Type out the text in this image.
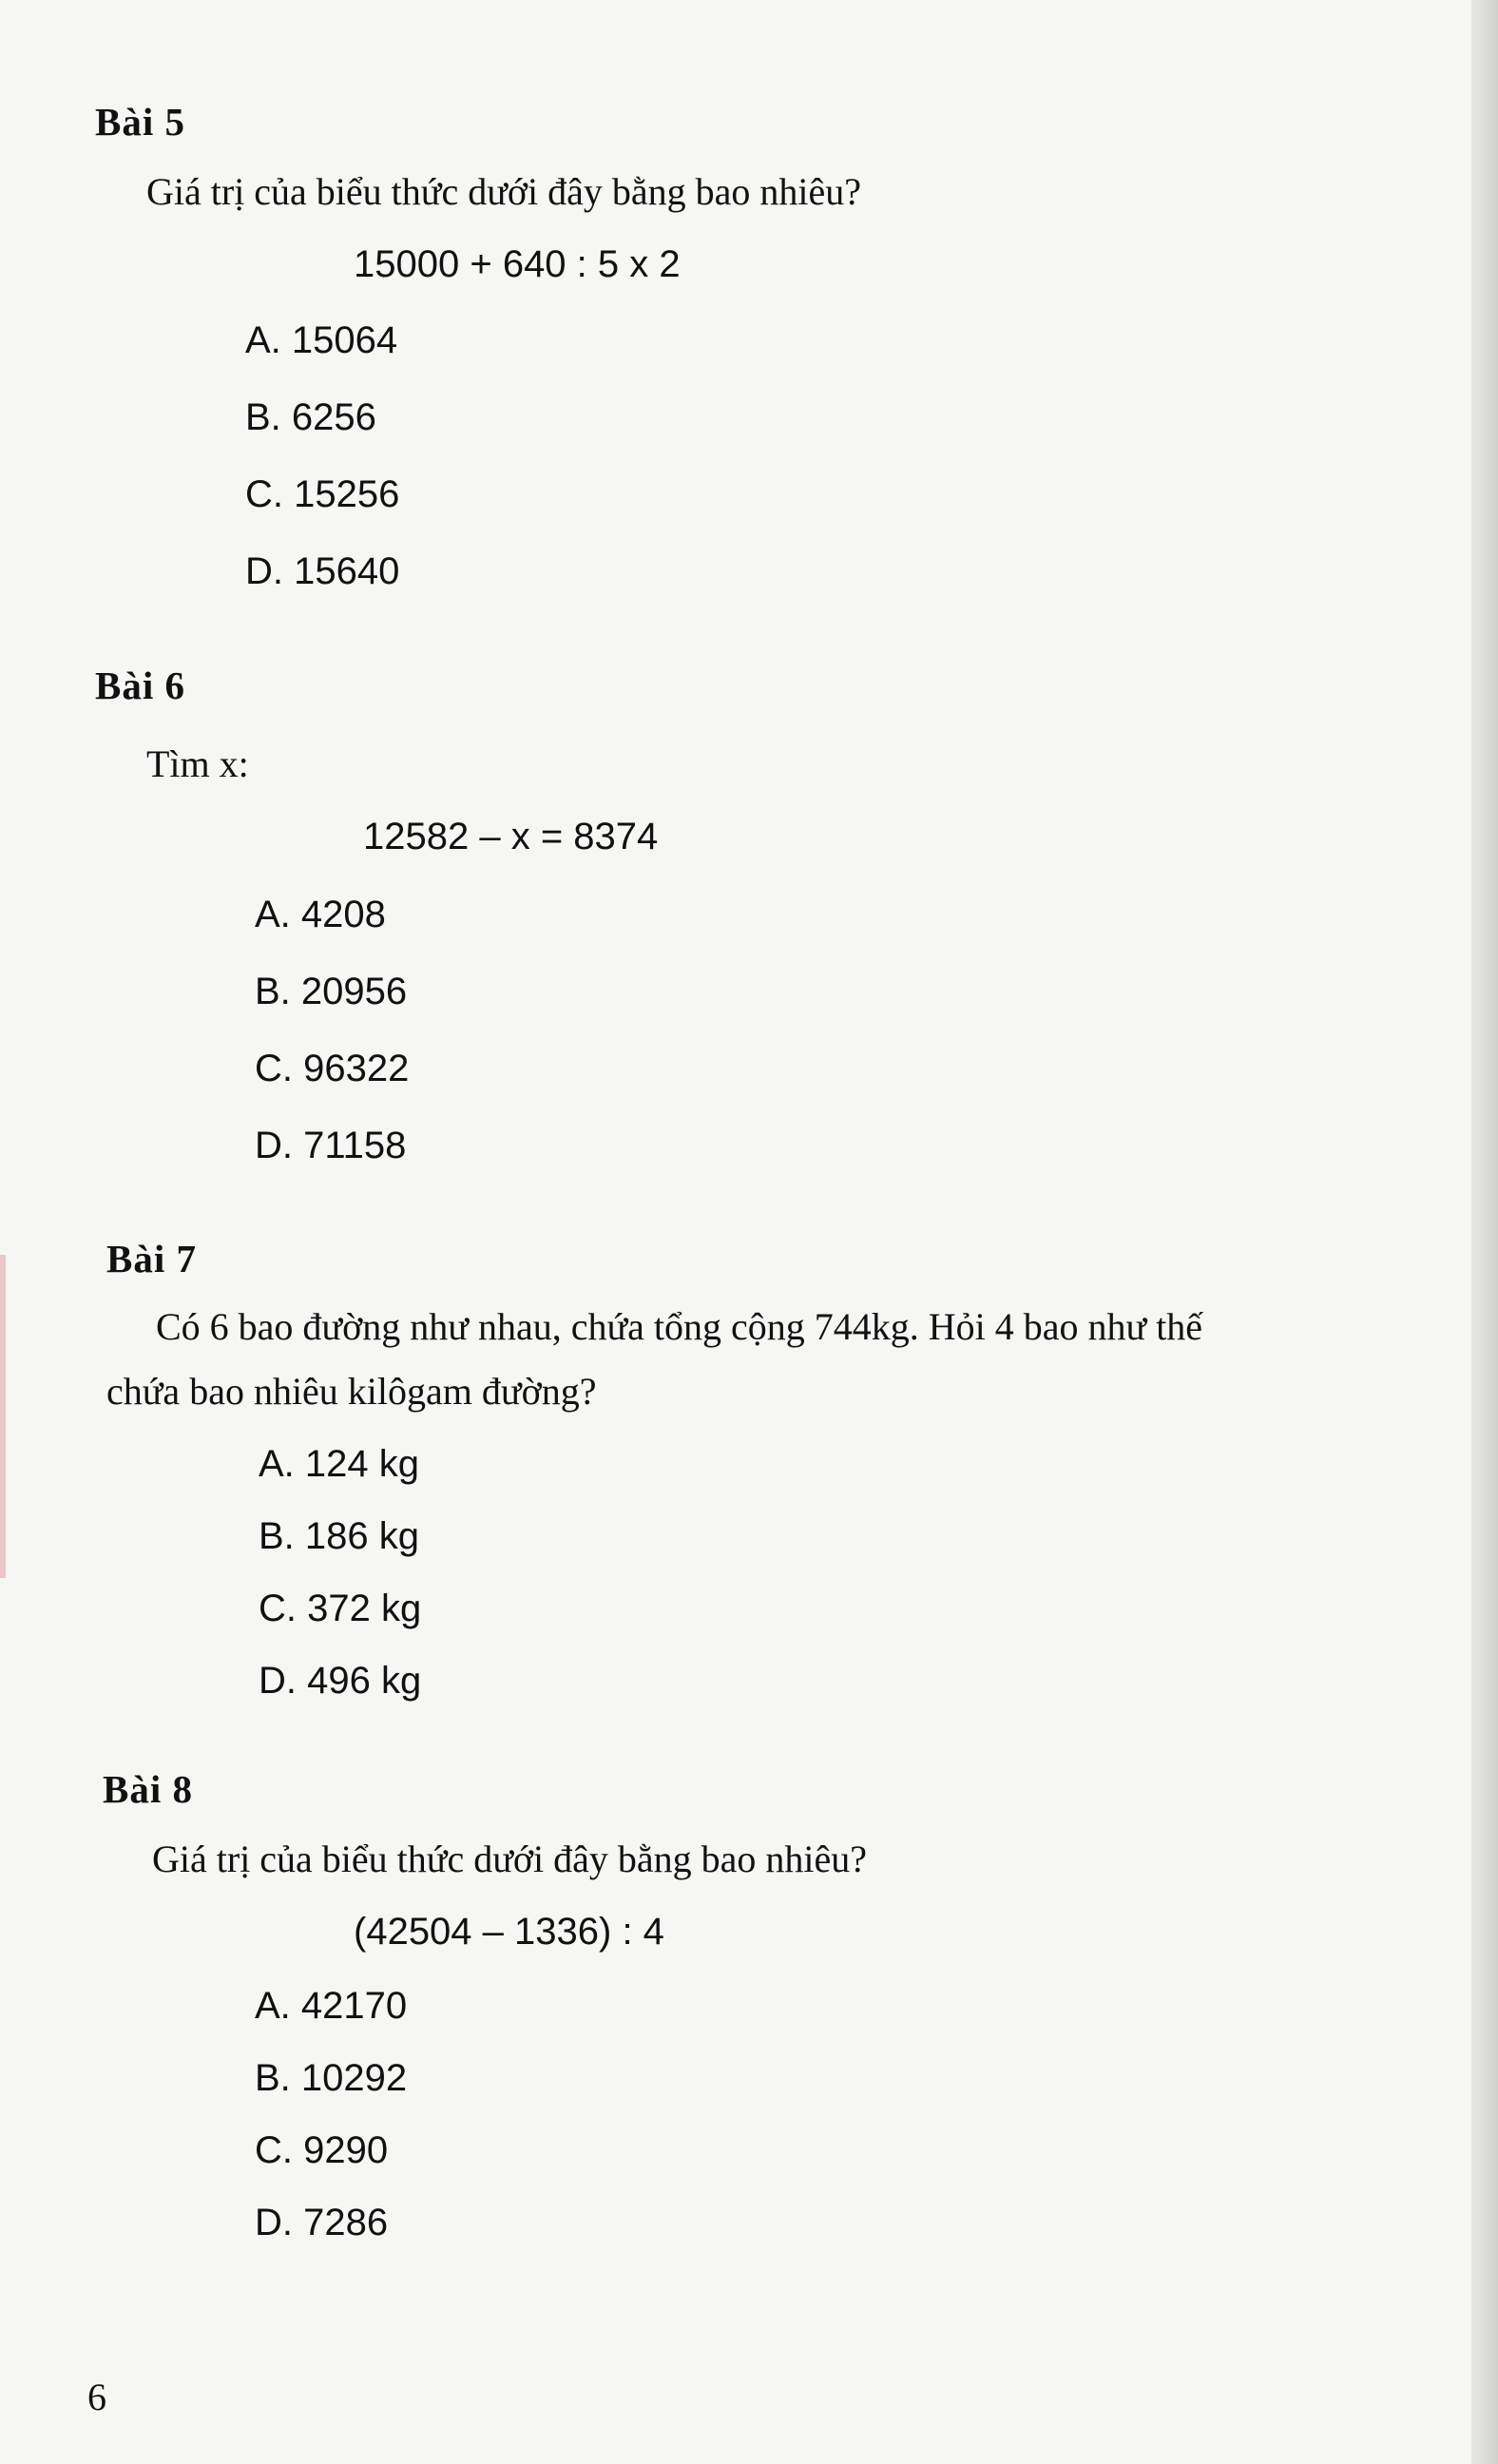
Bài 5
Giá trị của biểu thức dưới đây bằng bao nhiêu?
15000 + 640 : 5 x 2
A. 15064
B. 6256
C. 15256
D. 15640
Bài 6
Tìm x:
12582 – x = 8374
A. 4208
B. 20956
C. 96322
D. 71158
Bài 7
Có 6 bao đường như nhau, chứa tổng cộng 744kg. Hỏi 4 bao như thế
chứa bao nhiêu kilôgam đường?
A. 124 kg
B. 186 kg
C. 372 kg
D. 496 kg
Bài 8
Giá trị của biểu thức dưới đây bằng bao nhiêu?
(42504 – 1336) : 4
A. 42170
B. 10292
C. 9290
D. 7286
6
